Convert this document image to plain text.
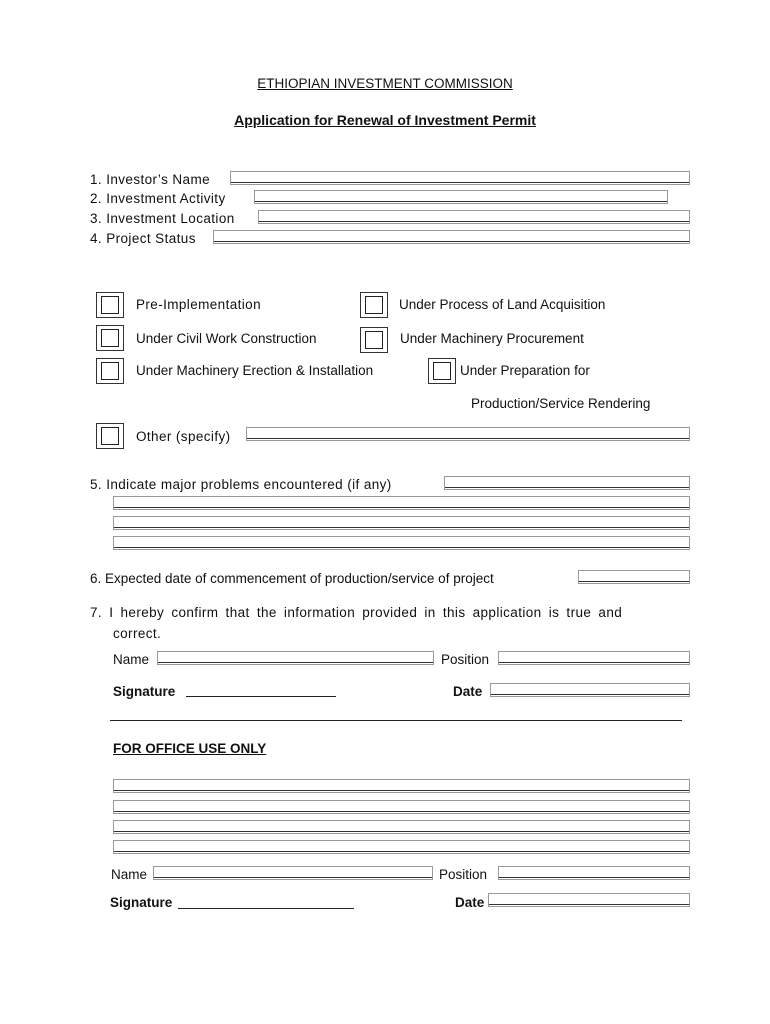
ETHIOPIAN INVESTMENT COMMISSION
Application for Renewal of Investment Permit
1. Investor’s Name
2. Investment Activity
3. Investment Location
4. Project Status
Pre-Implementation	Under Process of Land Acquisition
Under Civil Work Construction	Under Machinery Procurement
Under Machinery Erection & Installation	Under Preparation for
Production/Service Rendering
Other (specify)
5. Indicate major problems encountered (if any)
6. Expected date of commencement of production/service of project
7. I hereby confirm that the information provided in this application is true and
correct.
Name	Position
Signature	Date
FOR OFFICE USE ONLY
Name	Position
Signature	Date
